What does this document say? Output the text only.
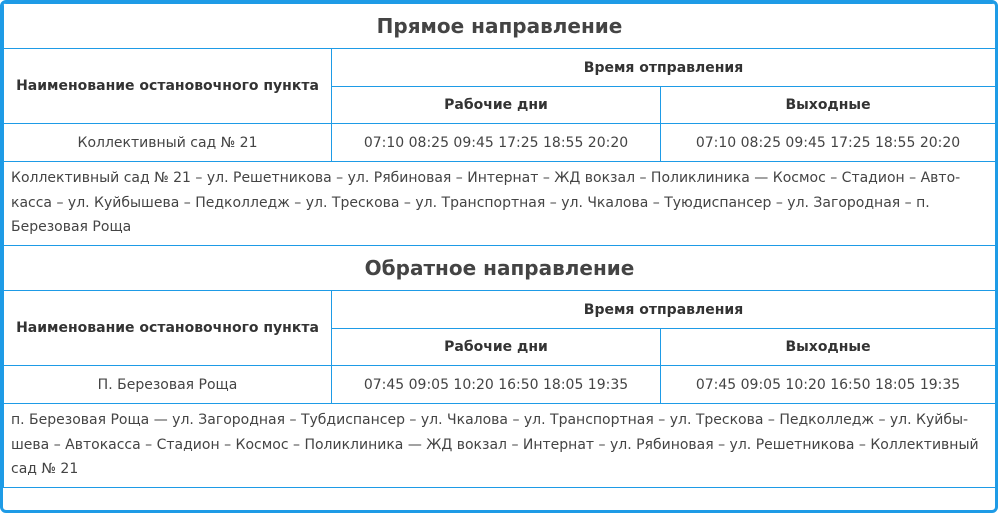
Прямое направление		
Наименование остановочного пункта	Время отправления	
	Рабочие дни	Выходные
Коллективный сад № 21	07:10 08:25 09:45 17:25 18:55 20:20	07:10 08:25 09:45 17:25 18:55 20:20
Коллективный сад № 21 – ул. Решетникова – ул. Рябиновая – Интернат – ЖД вокзал – Поликлиника — Космос – Стадион – Автокасса – ул. Куйбышева – Педколледж – ул. Трескова – ул. Транспортная – ул. Чкалова – Туюдиспансер – ул. Загородная – п. Березовая Роща		
Обратное направление		
Наименование остановочного пункта	Время отправления	
	Рабочие дни	Выходные
П. Березовая Роща	07:45 09:05 10:20 16:50 18:05 19:35	07:45 09:05 10:20 16:50 18:05 19:35
п. Березовая Роща — ул. Загородная – Тубдиспансер – ул. Чкалова – ул. Транспортная – ул. Трескова – Педколледж – ул. Куйбышева – Автокасса – Стадион – Космос – Поликлиника — ЖД вокзал – Интернат – ул. Рябиновая – ул. Решетникова – Коллективный сад № 21		
